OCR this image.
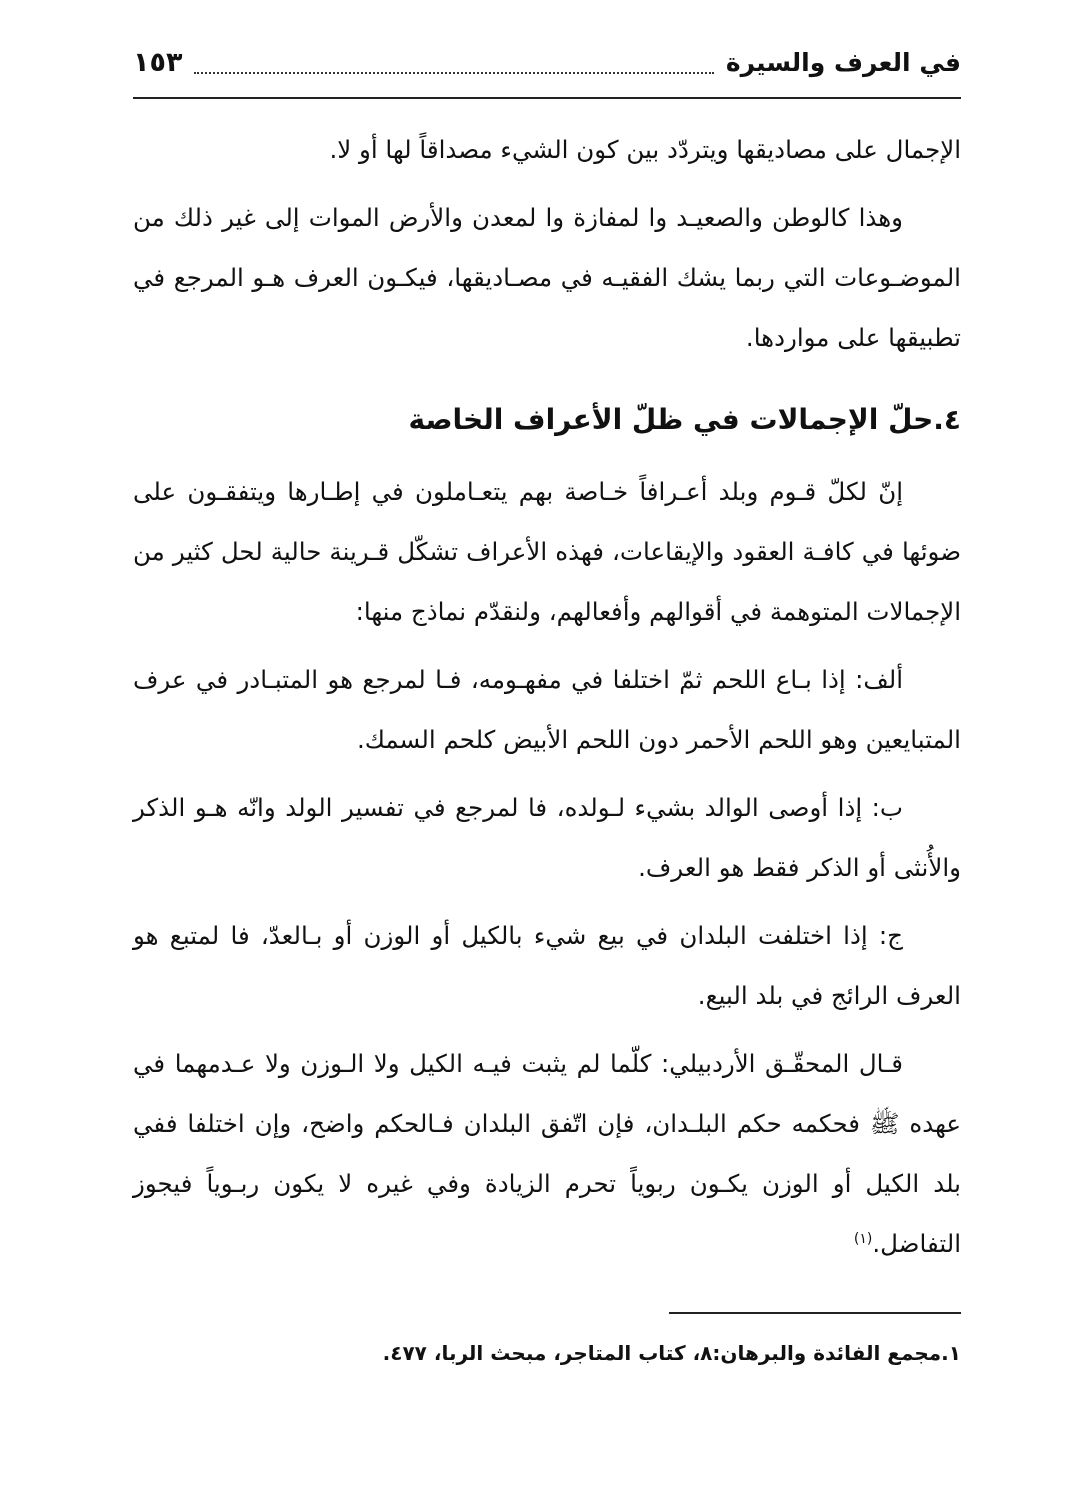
في العرف والسيرة
١٥٣

الإجمال على مصاديقها ويتردّد بين كون الشيء مصداقاً لها أو لا.

وهذا كالوطن والصعيـد وا لمفازة وا لمعدن والأرض الموات إلى غير ذلك من الموضـوعات التي ربما يشك الفقيـه في مصـاديقها، فيكـون العرف هـو المرجع في تطبيقها على مواردها.

٤.حلّ الإجمالات في ظلّ الأعراف الخاصة

إنّ لكلّ قـوم وبلد أعـرافاً خـاصة بهم يتعـاملون في إطـارها ويتفقـون على ضوئها في كافـة العقود والإيقاعات، فهذه الأعراف تشكّل قـرينة حالية لحل كثير من الإجمالات المتوهمة في أقوالهم وأفعالهم، ولنقدّم نماذج منها:

ألف: إذا بـاع اللحم ثمّ اختلفا في مفهـومه، فـا لمرجع هو المتبـادر في عرف المتبايعين وهو اللحم الأحمر دون اللحم الأبيض كلحم السمك.

ب: إذا أوصى الوالد بشيء لـولده، فا لمرجع في تفسير الولد وانّه هـو الذكر والأُنثى أو الذكر فقط هو العرف.

ج: إذا اختلفت البلدان في بيع شيء بالكيل أو الوزن أو بـالعدّ، فا لمتبع هو العرف الرائج في بلد البيع.

قـال المحقّـق الأردبيلي: كلّما لم يثبت فيـه الكيل ولا الـوزن ولا عـدمهما في عهده ﷺ فحكمه حكم البلـدان، فإن اتّفق البلدان فـالحكم واضح، وإن اختلفا ففي بلد الكيل أو الوزن يكـون ربوياً تحرم الزيادة وفي غيره لا يكون ربـوياً فيجوز التفاضل.$^{(١)}$

١.مجمع الفائدة والبرهان:٨، كتاب المتاجر، مبحث الربا، ٤٧٧.
